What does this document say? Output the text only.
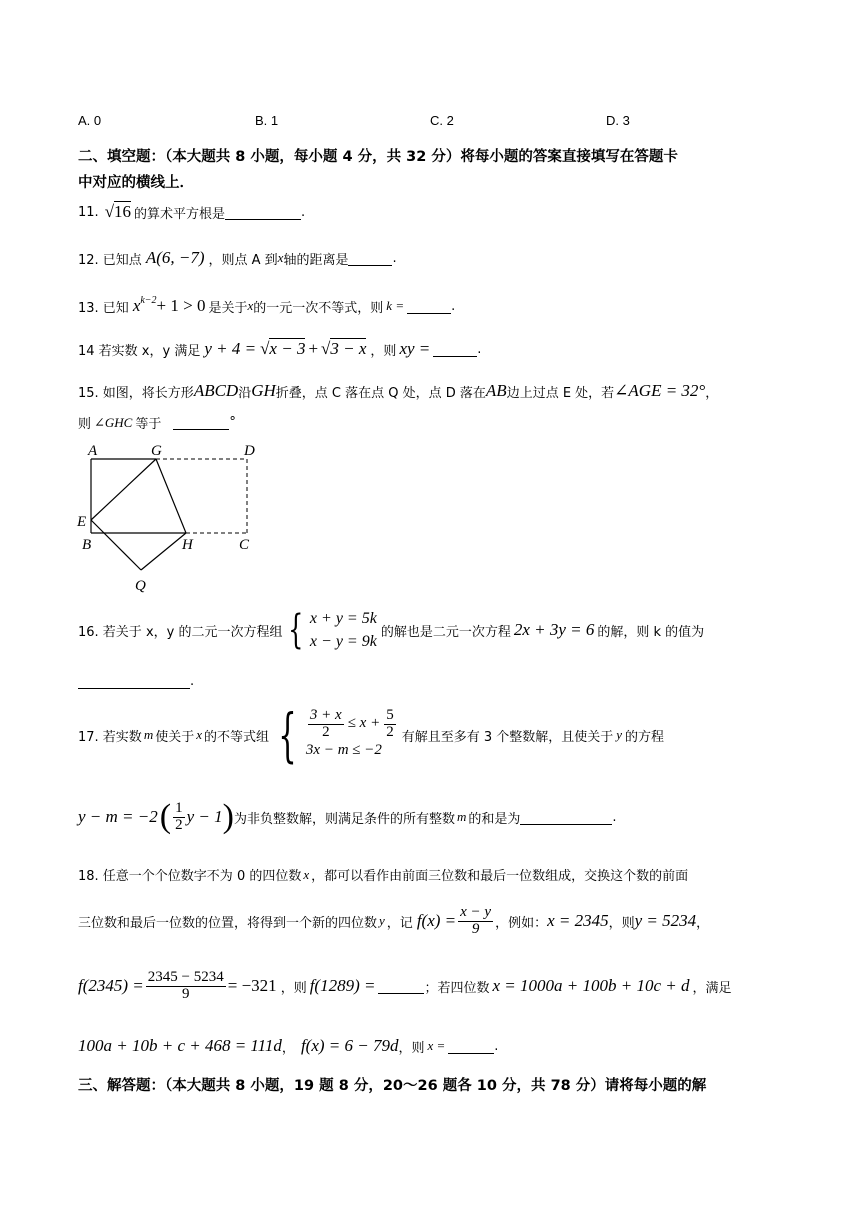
A. 0	B. 1	C. 2	D. 3
二、填空题：（本大题共 8 小题，每小题 4 分，共 32 分）将每小题的答案直接填写在答题卡
中对应的横线上．
11. √16 的算术平方根是	.
12. 已知点 A(6, −7) ，则点 A 到 x 轴的距离是	.
13. 已知 $x^{k-2} + 1 > 0$ 是关于 x 的一元一次不等式，则 k =	.
14 若实数 x，y 满足 y + 4 = √x − 3 + √3 − x ，则 xy =	.
15. 如图，将长方形 ABCD 沿 GH 折叠，点 C 落在点 Q 处，点 D 落在 AB 边上过点 E 处，若 ∠AGE = 32° ，
则 ∠GHC 等于	°
A	G	D
E
B	H	C
Q
16. 若关于 x，y 的二元一次方程组 { x + y = 5k
x − y = 9k
的解也是二元一次方程 2x + 3y = 6 的解，则 k 的值为
.
17. 若实数 m 使关于 x 的不等式组 { $\frac{3 + x}{2} \le x + \frac{5}{2}$
3x − m ≤ −2
有解且至多有 3 个整数解，且使关于 y 的方程
y − m = −2 ( $\frac{1}{2}$ y − 1 ) 为非负整数解，则满足条件的所有整数 m 的和是为	.
18. 任意一个个位数字不为 0 的四位数 x ，都可以看作由前面三位数和最后一位数组成，交换这个数的前面
三位数和最后一位数的位置，将得到一个新的四位数 y ，记 $f(x) = \frac{x - y}{9}$ ，例如： x = 2345 ，则 y = 5234 ，
$f(2345) = \frac{2345 - 5234}{9} = -321$ ，则 f(1289) =	；若四位数 x = 1000a + 100b + 10c + d ，满足
100a + 10b + c + 468 = 111d ， f(x) = 6 − 79d ，则 x =	.
三、解答题：（本大题共 8 小题，19 题 8 分，20～26 题各 10 分，共 78 分）请将每小题的解
